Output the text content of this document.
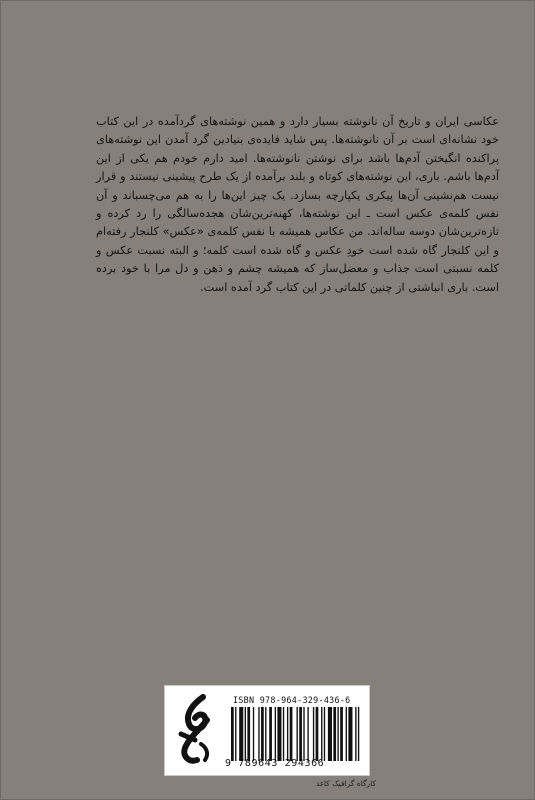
عکاسی ایران و تاریخ آن نانوشته بسیار دارد و همین نوشته‌های گردآمده در این کتاب خود نشانه‌ای است بر آن نانوشته‌ها. پس شاید فایده‌ی بنیادین گرد آمدن این نوشته‌های پراکنده انگیختن آدم‌ها باشد برای نوشتن نانوشته‌ها. امید دارم خودم هم یکی از این آدم‌ها باشم. باری، این نوشته‌های کوتاه و بلند برآمده از یک طرح پیشینی نیستند و قرار نیست هم‌نشینی آن‌ها پیکری یکپارچه بسازد. یک چیز این‌ها را به هم می‌چسباند و آن نفس کلمه‌ی عکس است ـ این نوشته‌ها، کهنه‌ترین‌شان هجده‌سالگی را رد کرده و تازه‌ترین‌شان دوسه ساله‌اند. من عکاس همیشه با نفس کلمه‌ی «عکس» کلنجار رفته‌ام و این کلنجار گاه شده است خودِ عکس و گاه شده است کلمه؛ و البته نسبت عکس و کلمه نسبتی است جذاب و معضل‌ساز که همیشه چشم و ذهن و دل مرا با خود برده است. باری انباشتی از چنین کلماتی در این کتاب گرد آمده است.

ISBN 978-964-329-436-6
9 789643 294366
کارگاه گرافیک کاغذ
